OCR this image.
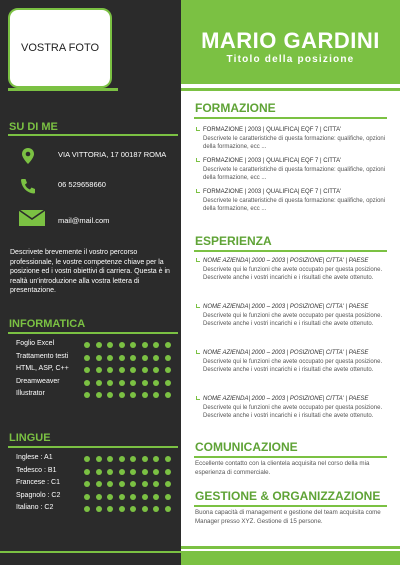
VOSTRA FOTO	MARIO GARDINI
Titolo della posizione
SU DI ME
VIA VITTORIA, 17 00187 ROMA
06 529658660
mail@mail.com
Descrivete brevemente il vostro percorso professionale, le vostre competenze chiave per la posizione ed i vostri obiettivi di carriera. Questa è in realtà un'introduzione alla vostra lettera di presentazione.
INFORMATICA
Foglio Excel
Trattamento testi
HTML, ASP, C++
Dreamweaver
Illustrator
LINGUE
Inglese : A1
Tedesco : B1
Francese : C1
Spagnolo : C2
Italiano : C2
FORMAZIONE
FORMAZIONE | 2003 | QUALIFICA| EQF 7 | CITTA'
Descrivete le caratteristiche di questa formazione: qualifiche, opzioni della formazione, ecc ...
FORMAZIONE | 2003 | QUALIFICA| EQF 7 | CITTA'
Descrivete le caratteristiche di questa formazione: qualifiche, opzioni della formazione, ecc ...
FORMAZIONE | 2003 | QUALIFICA| EQF 7 | CITTA'
Descrivete le caratteristiche di questa formazione: qualifiche, opzioni della formazione, ecc ...
ESPERIENZA
NOME AZIENDA| 2000 – 2003 | POSIZIONE| CITTA' | PAESE
Descrivete qui le funzioni che avete occupato per questa posizione. Descrivete anche i vostri incarichi e i risultati che avete ottenuto.
NOME AZIENDA| 2000 – 2003 | POSIZIONE| CITTA' | PAESE
Descrivete qui le funzioni che avete occupato per questa posizione. Descrivete anche i vostri incarichi e i risultati che avete ottenuto.
NOME AZIENDA| 2000 – 2003 | POSIZIONE| CITTA' | PAESE
Descrivete qui le funzioni che avete occupato per questa posizione. Descrivete anche i vostri incarichi e i risultati che avete ottenuto.
NOME AZIENDA| 2000 – 2003 | POSIZIONE| CITTA' | PAESE
Descrivete qui le funzioni che avete occupato per questa posizione. Descrivete anche i vostri incarichi e i risultati che avete ottenuto.
COMUNICAZIONE
Eccellente contatto con la clientela acquisita nel corso della mia esperienza di commerciale.
GESTIONE & ORGANIZZAZIONE
Buona capacità di management e gestione del team acquisita come Manager presso XYZ. Gestione di 15 persone.
